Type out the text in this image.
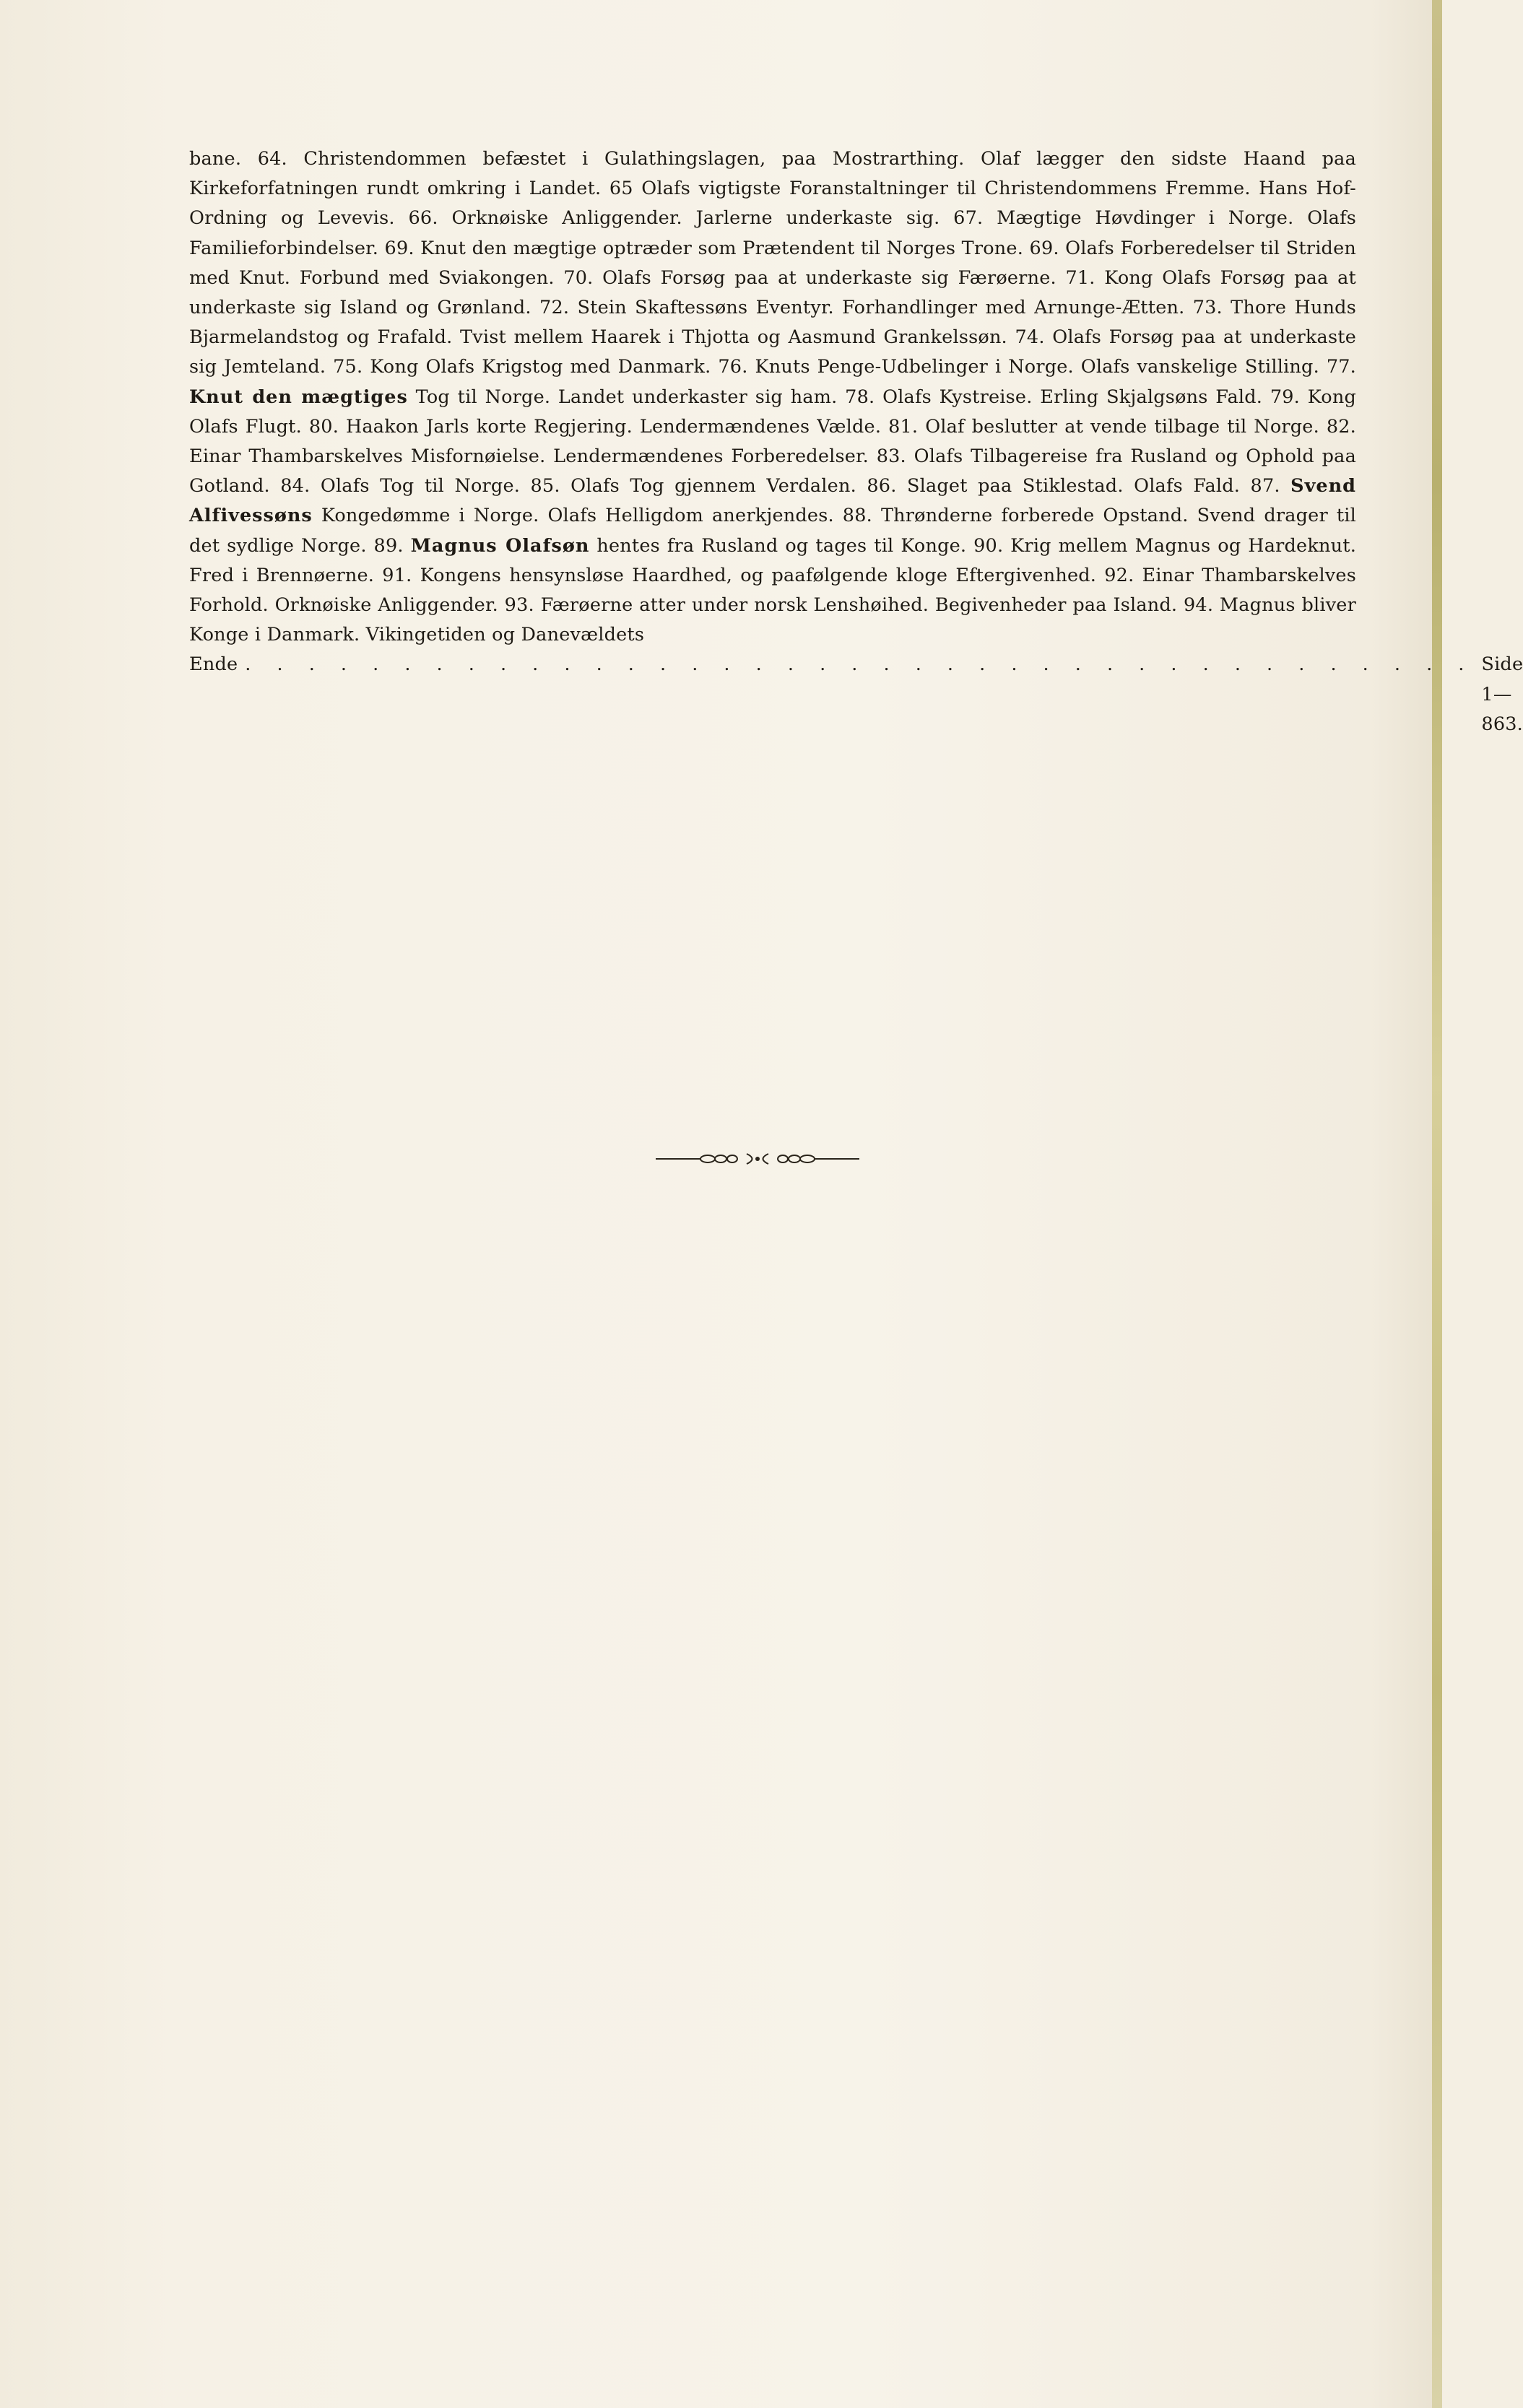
bane. 64. Christendommen befæstet i Gulathingslagen, paa Mostrarthing. Olaf lægger den sidste Haand paa Kirkeforfatningen rundt omkring i Landet. 65 Olafs vigtigste Foranstaltninger til Christendommens Fremme. Hans Hof-Ordning og Levevis. 66. Orknøiske Anliggender. Jarlerne underkaste sig. 67. Mægtige Høvdinger i Norge. Olafs Familieforbindelser. 69. Knut den mægtige optræder som Prætendent til Norges Trone. 69. Olafs Forberedelser til Striden med Knut. Forbund med Sviakongen. 70. Olafs Forsøg paa at underkaste sig Færøerne. 71. Kong Olafs Forsøg paa at underkaste sig Island og Grønland. 72. Stein Skaftessøns Eventyr. Forhandlinger med Arnunge-Ætten. 73. Thore Hunds Bjarmelandstog og Frafald. Tvist mellem Haarek i Thjotta og Aasmund Grankelssøn. 74. Olafs Forsøg paa at underkaste sig Jemteland. 75. Kong Olafs Krigstog med Danmark. 76. Knuts Penge-Udbelinger i Norge. Olafs vanskelige Stilling. 77. Knut den mægtiges Tog til Norge. Landet underkaster sig ham. 78. Olafs Kystreise. Erling Skjalgsøns Fald. 79. Kong Olafs Flugt. 80. Haakon Jarls korte Regjering. Lendermændenes Vælde. 81. Olaf beslutter at vende tilbage til Norge. 82. Einar Thambarskelves Misfornøielse. Lendermændenes Forberedelser. 83. Olafs Tilbagereise fra Rusland og Ophold paa Gotland. 84. Olafs Tog til Norge. 85. Olafs Tog gjennem Verdalen. 86. Slaget paa Stiklestad. Olafs Fald. 87. Svend Alfivessøns Kongedømme i Norge. Olafs Helligdom anerkjendes. 88. Thrønderne forberede Opstand. Svend drager til det sydlige Norge. 89. Magnus Olafsøn hentes fra Rusland og tages til Konge. 90. Krig mellem Magnus og Hardeknut. Fred i Brennøerne. 91. Kongens hensynsløse Haardhed, og paafølgende kloge Eftergivenhed. 92. Einar Thambarskelves Forhold. Orknøiske Anliggender. 93. Færøerne atter under norsk Lenshøihed. Begivenheder paa Island. 94. Magnus bliver Konge i Danmark. Vikingetiden og Danevældets
Ende . . . . . . . . . . . . . . . . . . . . . . . . . . . . . . . . . . . . . . . Side 1—863.
